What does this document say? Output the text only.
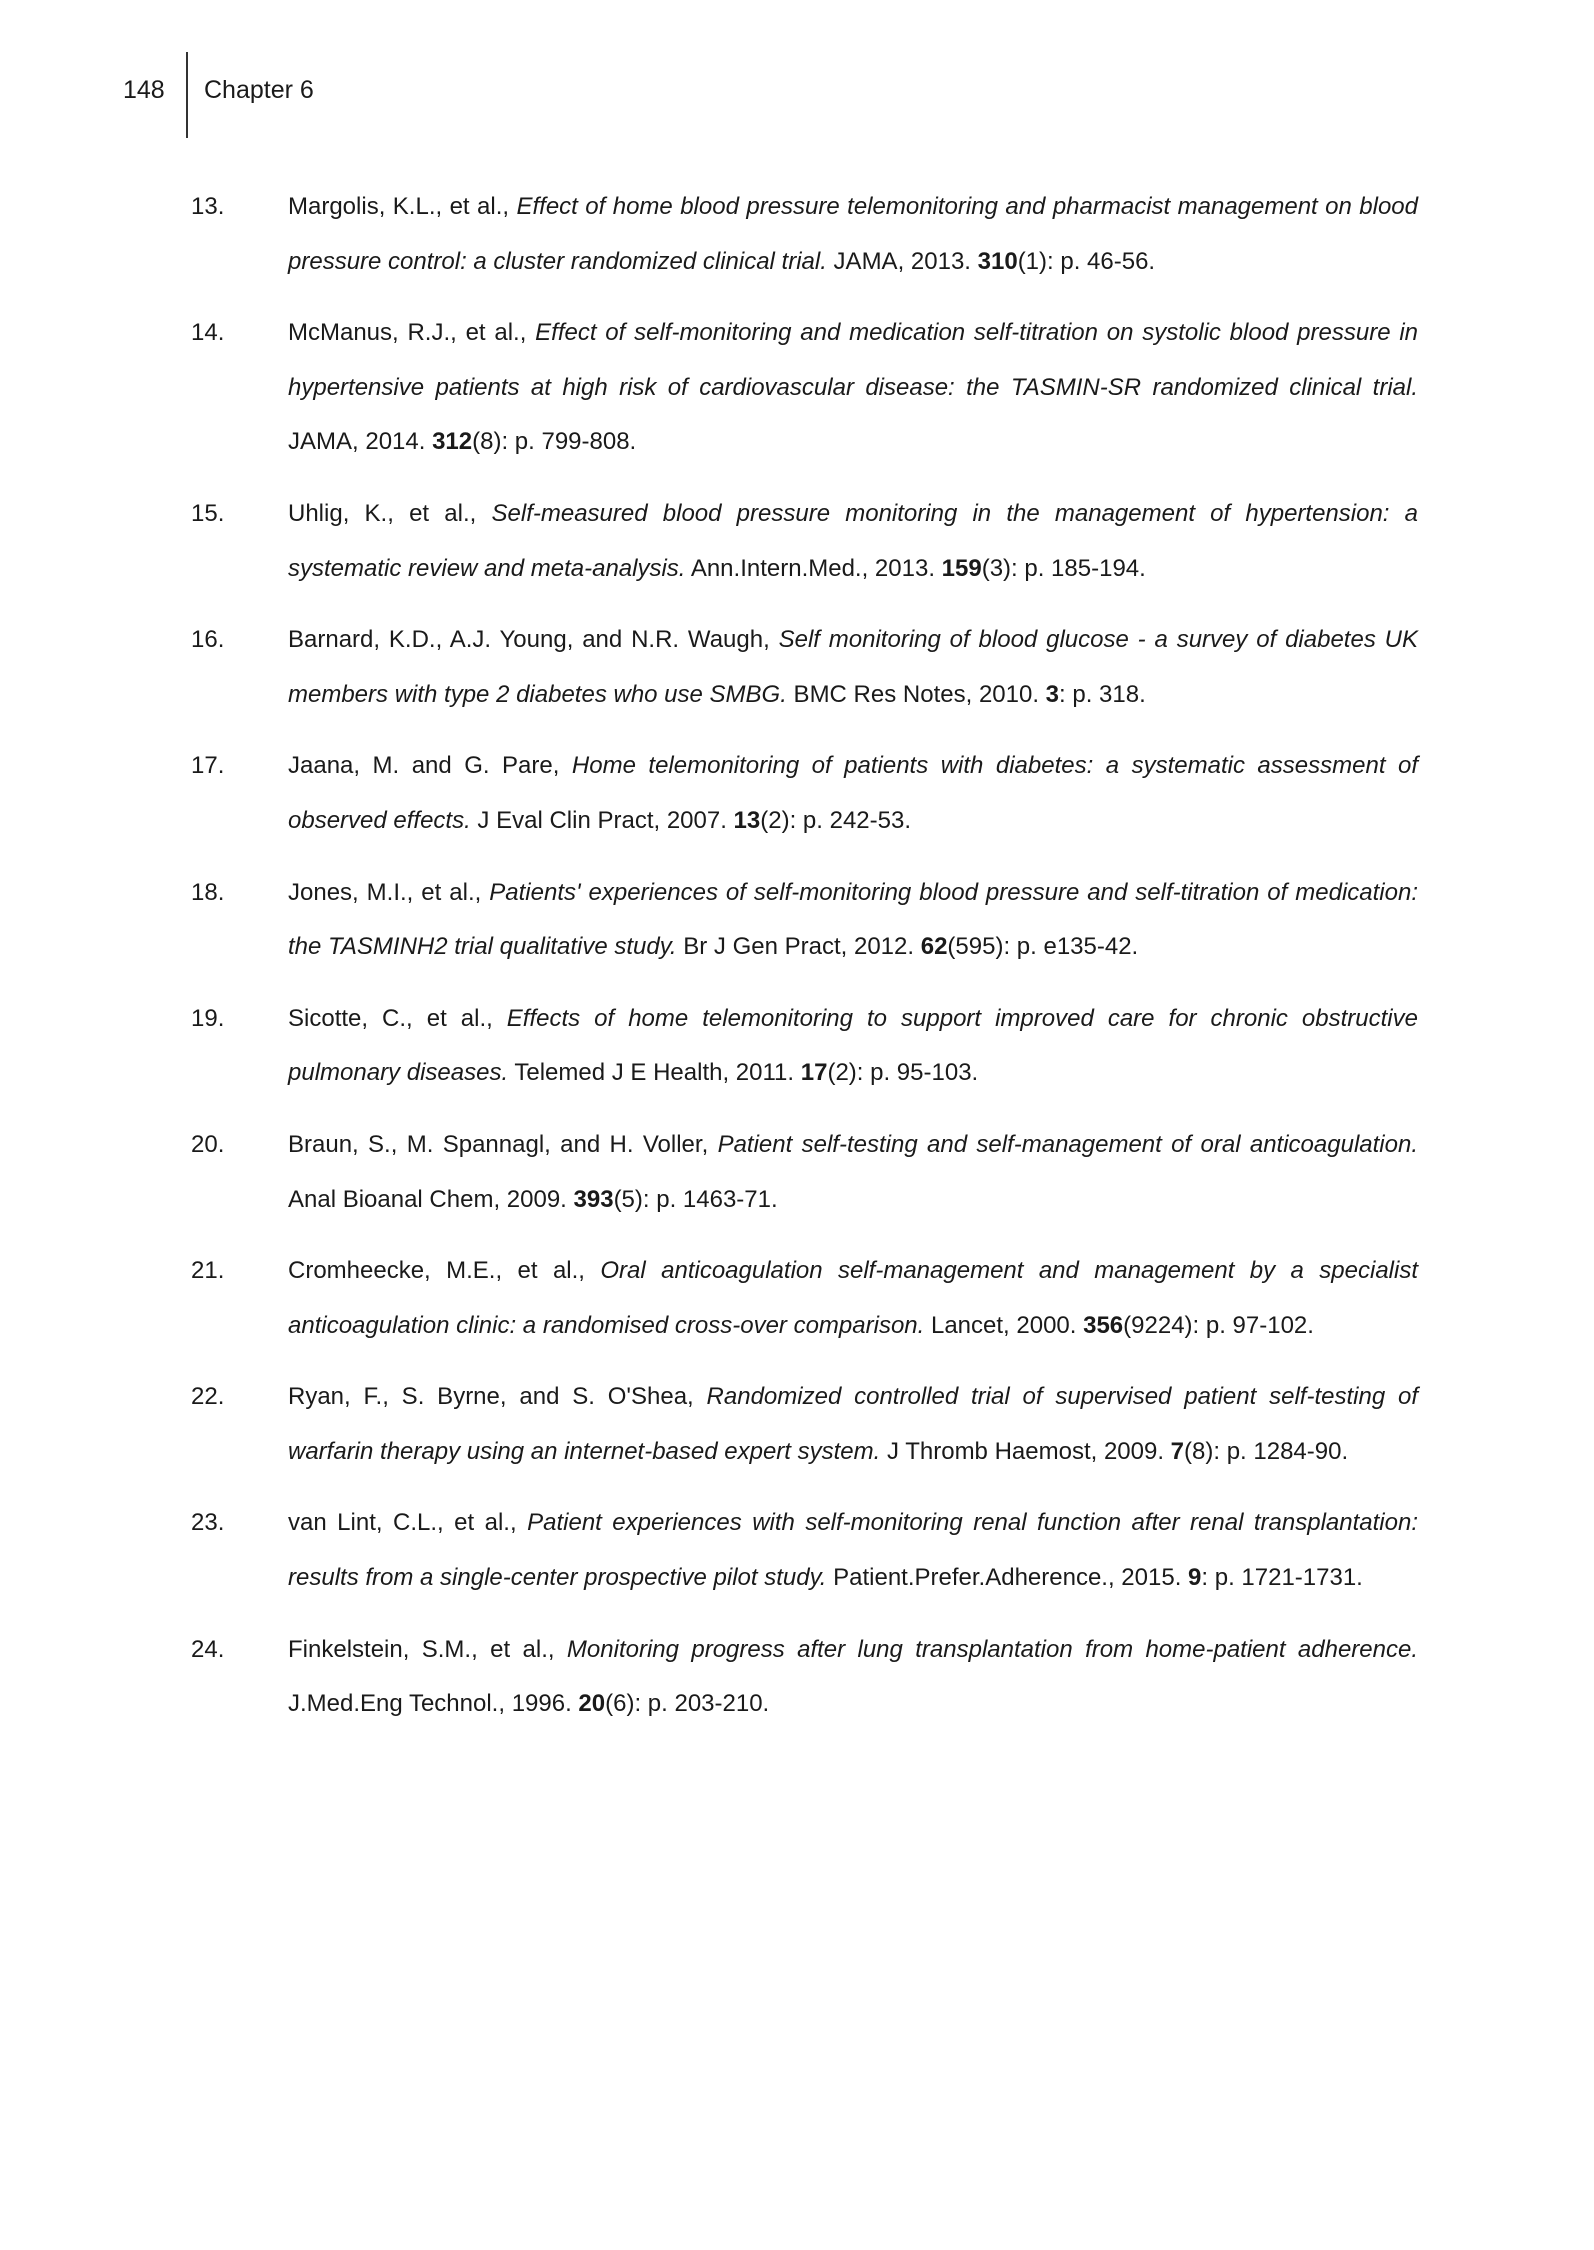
148 Chapter 6
13.	Margolis, K.L., et al., Effect of home blood pressure telemonitoring and pharmacist management on blood pressure control: a cluster randomized clinical trial. JAMA, 2013. 310(1): p. 46-56.
14.	McManus, R.J., et al., Effect of self-monitoring and medication self-titration on systolic blood pressure in hypertensive patients at high risk of cardiovascular disease: the TASMIN-SR randomized clinical trial. JAMA, 2014. 312(8): p. 799-808.
15.	Uhlig, K., et al., Self-measured blood pressure monitoring in the management of hypertension: a systematic review and meta-analysis. Ann.Intern.Med., 2013. 159(3): p. 185-194.
16.	Barnard, K.D., A.J. Young, and N.R. Waugh, Self monitoring of blood glucose - a survey of diabetes UK members with type 2 diabetes who use SMBG. BMC Res Notes, 2010. 3: p. 318.
17.	Jaana, M. and G. Pare, Home telemonitoring of patients with diabetes: a systematic assessment of observed effects. J Eval Clin Pract, 2007. 13(2): p. 242-53.
18.	Jones, M.I., et al., Patients' experiences of self-monitoring blood pressure and self-titration of medication: the TASMINH2 trial qualitative study. Br J Gen Pract, 2012. 62(595): p. e135-42.
19.	Sicotte, C., et al., Effects of home telemonitoring to support improved care for chronic obstructive pulmonary diseases. Telemed J E Health, 2011. 17(2): p. 95-103.
20.	Braun, S., M. Spannagl, and H. Voller, Patient self-testing and self-management of oral anticoagulation. Anal Bioanal Chem, 2009. 393(5): p. 1463-71.
21.	Cromheecke, M.E., et al., Oral anticoagulation self-management and management by a specialist anticoagulation clinic: a randomised cross-over comparison. Lancet, 2000. 356(9224): p. 97-102.
22.	Ryan, F., S. Byrne, and S. O'Shea, Randomized controlled trial of supervised patient self-testing of warfarin therapy using an internet-based expert system. J Thromb Haemost, 2009. 7(8): p. 1284-90.
23.	van Lint, C.L., et al., Patient experiences with self-monitoring renal function after renal transplantation: results from a single-center prospective pilot study. Patient.Prefer.Adherence., 2015. 9: p. 1721-1731.
24.	Finkelstein, S.M., et al., Monitoring progress after lung transplantation from home-patient adherence. J.Med.Eng Technol., 1996. 20(6): p. 203-210.
